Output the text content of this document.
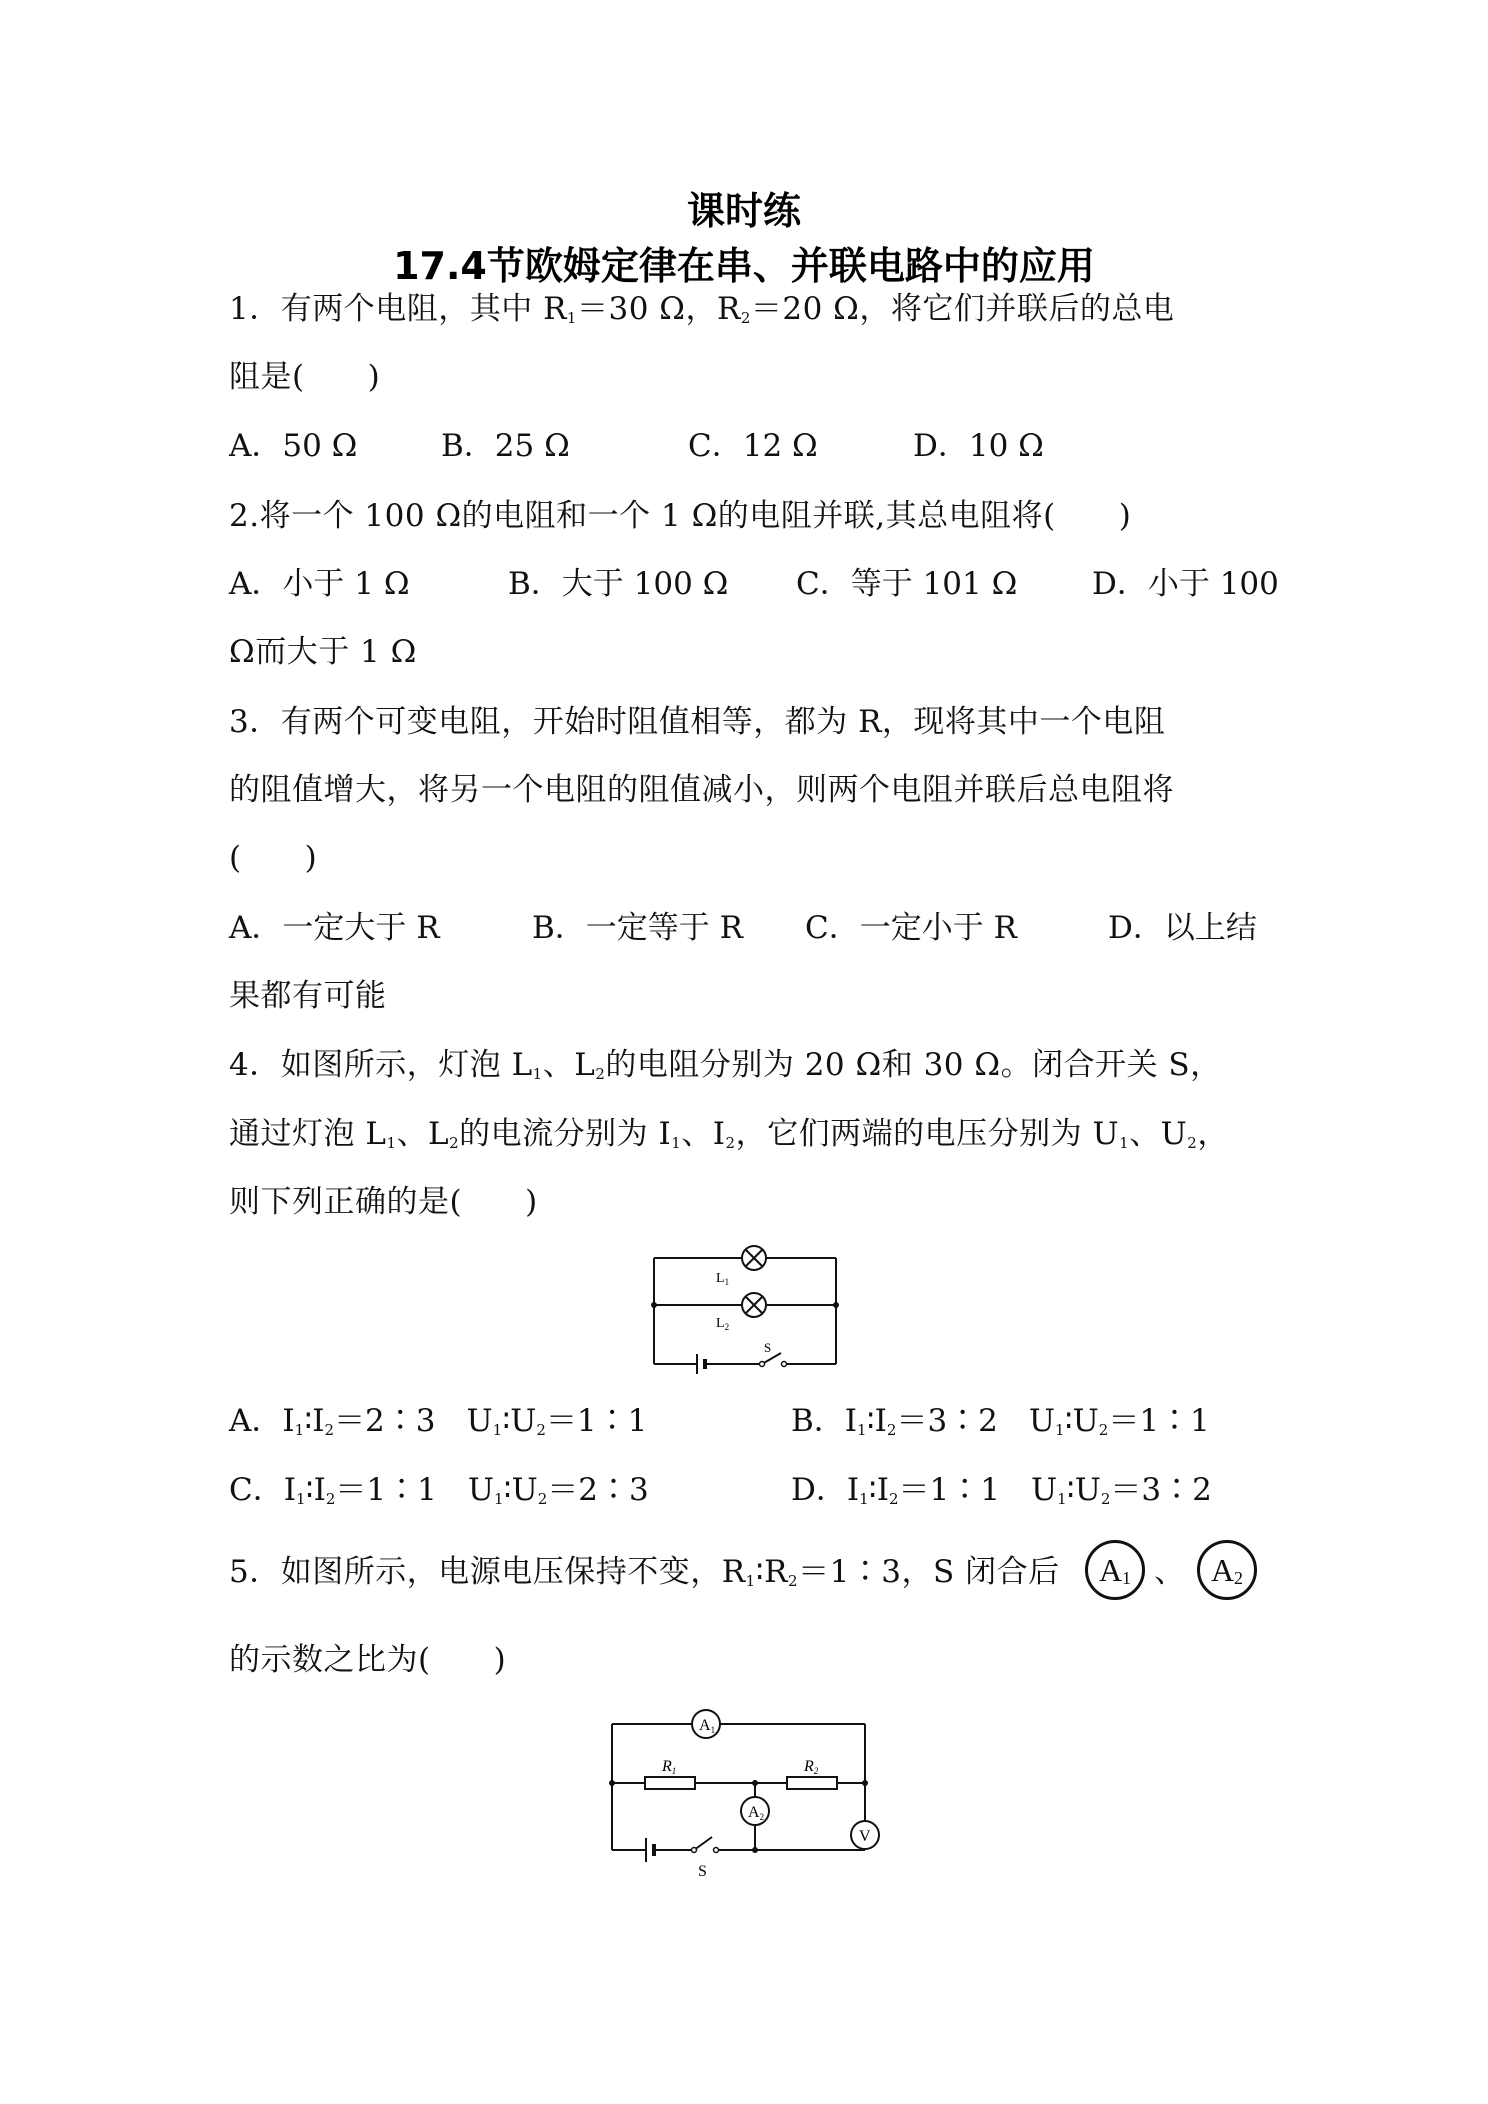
课时练
17.4节欧姆定律在串、并联电路中的应用
1．有两个电阻，其中 $R_1=30$ Ω，$R_2=20$ Ω，将它们并联后的总电
阻是(　　)
A．50 Ω	B．25 Ω	C．12 Ω	D．10 Ω
2.将一个 100 Ω的电阻和一个 1 Ω的电阻并联,其总电阻将(　　)
A．小于 1 Ω	B．大于 100 Ω C．等于 101 Ω D．小于 100
Ω而大于 1 Ω
3．有两个可变电阻，开始时阻值相等，都为 R，现将其中一个电阻
的阻值增大，将另一个电阻的阻值减小，则两个电阻并联后总电阻将
(　　)
A．一定大于 R	B．一定等于 R C．一定小于 R	D．以上结
果都有可能
4．如图所示，灯泡 $L_1$、$L_2$的电阻分别为 20 Ω和 30 Ω。闭合开关 S，
通过灯泡 $L_1$、$L_2$的电流分别为 $I_1$、$I_2$，它们两端的电压分别为 $U_1$、$U_2$，
则下列正确的是(　　)
$L_1$
$L_2$
S
A．$I_1∶I_2=2∶3$　$U_1∶U_2=1∶1$	B．$I_1∶I_2=3∶2$　$U_1∶U_2=1∶1$
C．$I_1∶I_2=1∶1$　$U_1∶U_2=2∶3$	D．$I_1∶I_2=1∶1$　$U_1∶U_2=3∶2$
5．如图所示，电源电压保持不变，$R_1∶R_2=1∶3$，S 闭合后	$A_1$ 、 $A_2$
的示数之比为(　　)
A1
A2
V
R1	R2
S
